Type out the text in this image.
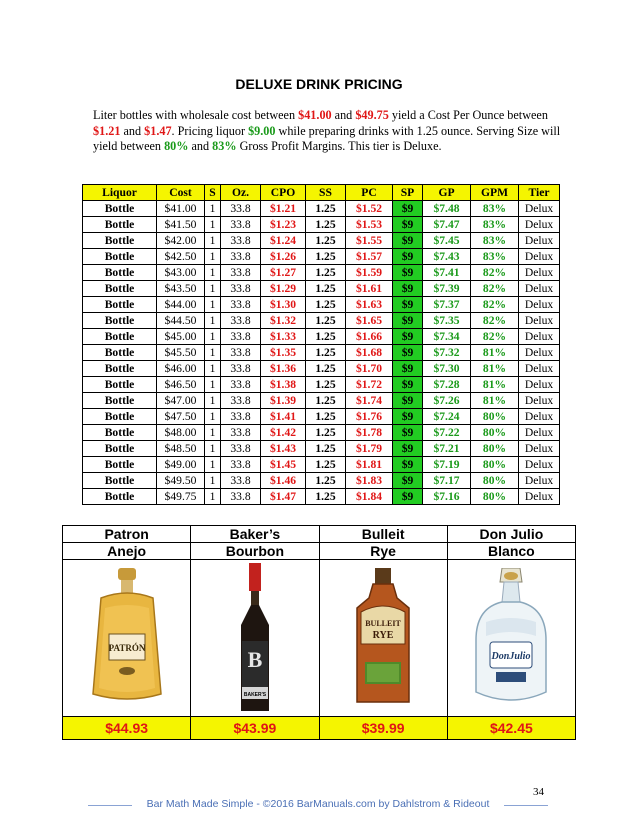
DELUXE DRINK PRICING
Liter bottles with wholesale cost between $41.00 and $49.75 yield a Cost Per Ounce between $1.21 and $1.47. Pricing liquor $9.00 while preparing drinks with 1.25 ounce. Serving Size will yield between 80% and 83% Gross Profit Margins. This tier is Deluxe.
Liquor	Cost	S	Oz.	CPO	SS	PC	SP	GP	GPM	Tier
Bottle	$41.00	1	33.8	$1.21	1.25	$1.52	$9	$7.48	83%	Delux
Bottle	$41.50	1	33.8	$1.23	1.25	$1.53	$9	$7.47	83%	Delux
Bottle	$42.00	1	33.8	$1.24	1.25	$1.55	$9	$7.45	83%	Delux
Bottle	$42.50	1	33.8	$1.26	1.25	$1.57	$9	$7.43	83%	Delux
Bottle	$43.00	1	33.8	$1.27	1.25	$1.59	$9	$7.41	82%	Delux
Bottle	$43.50	1	33.8	$1.29	1.25	$1.61	$9	$7.39	82%	Delux
Bottle	$44.00	1	33.8	$1.30	1.25	$1.63	$9	$7.37	82%	Delux
Bottle	$44.50	1	33.8	$1.32	1.25	$1.65	$9	$7.35	82%	Delux
Bottle	$45.00	1	33.8	$1.33	1.25	$1.66	$9	$7.34	82%	Delux
Bottle	$45.50	1	33.8	$1.35	1.25	$1.68	$9	$7.32	81%	Delux
Bottle	$46.00	1	33.8	$1.36	1.25	$1.70	$9	$7.30	81%	Delux
Bottle	$46.50	1	33.8	$1.38	1.25	$1.72	$9	$7.28	81%	Delux
Bottle	$47.00	1	33.8	$1.39	1.25	$1.74	$9	$7.26	81%	Delux
Bottle	$47.50	1	33.8	$1.41	1.25	$1.76	$9	$7.24	80%	Delux
Bottle	$48.00	1	33.8	$1.42	1.25	$1.78	$9	$7.22	80%	Delux
Bottle	$48.50	1	33.8	$1.43	1.25	$1.79	$9	$7.21	80%	Delux
Bottle	$49.00	1	33.8	$1.45	1.25	$1.81	$9	$7.19	80%	Delux
Bottle	$49.50	1	33.8	$1.46	1.25	$1.83	$9	$7.17	80%	Delux
Bottle	$49.75	1	33.8	$1.47	1.25	$1.84	$9	$7.16	80%	Delux
Patron	Baker’s	Bulleit	Don Julio
Anejo	Bourbon	Rye	Blanco

PATRÓN	B
BAKER'S	BULLEIT
RYE	DonJulio

$44.93	$43.99	$39.99	$42.45
34
Bar Math Made Simple - ©2016 BarManuals.com by Dahlstrom & Rideout
